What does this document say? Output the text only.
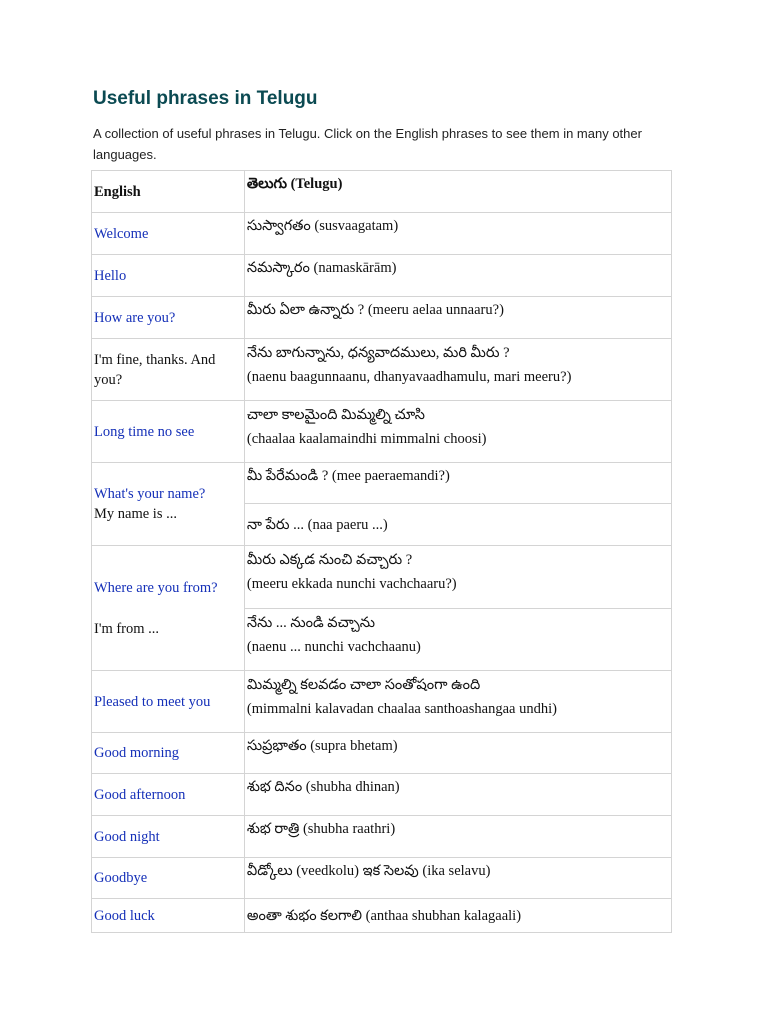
Useful phrases in Telugu

A collection of useful phrases in Telugu. Click on the English phrases to see them in many other languages.

English	తెలుగు (Telugu)

Welcome	సుస్వాగతం (susvaagatam)

Hello	నమస్కారం (namaskārām)

How are you?	మీరు ఏలా ఉన్నారు ? (meeru aelaa unnaaru?)

I'm fine, thanks. And you?	నేను బాగున్నాను, ధన్యవాదములు, మరి మీరు ?
(naenu baagunnaanu, dhanyavaadhamulu, mari meeru?)

Long time no see	చాలా కాలమైంది మిమ్మల్ని చూసి
(chaalaa kaalamaindhi mimmalni choosi)

What's your name?
My name is ...	మీ పేరేమండి ? (mee paeraemandi?)

	నా పేరు ... (naa paeru ...)

Where are you from?
I'm from ...	మీరు ఎక్కడ నుంచి వచ్చారు ?
(meeru ekkada nunchi vachchaaru?)

	నేను ... నుండి వచ్చాను
(naenu ... nunchi vachchaanu)

Pleased to meet you	మిమ్మల్ని కలవడం చాలా సంతోషంగా ఉంది
(mimmalni kalavadan chaalaa santhoashangaa undhi)

Good morning	సుప్రభాతం (supra bhetam)

Good afternoon	శుభ దినం (shubha dhinan)

Good night	శుభ రాత్రి (shubha raathri)

Goodbye	వీడ్కోలు (veedkolu) ఇక సెలవు (ika selavu)

Good luck	అంతా శుభం కలగాలి (anthaa shubhan kalagaali)
